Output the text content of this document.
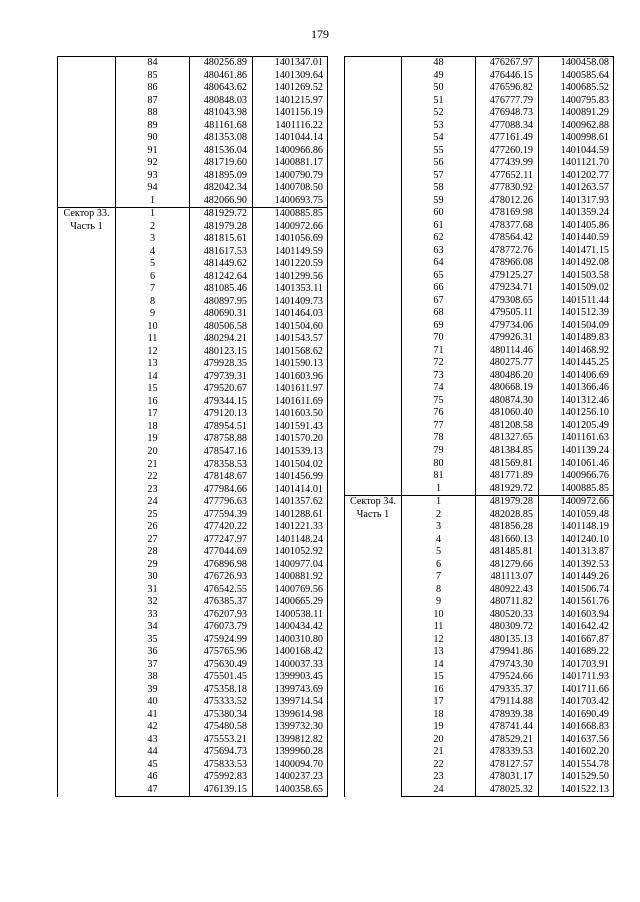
179
	84	480256.89	1401347.01
	85	480461.86	1401309.64
	86	480643.62	1401269.52
	87	480848.03	1401215.97
	88	481043.98	1401156.19
	89	481161.68	1401116.22
	90	481353.08	1401044.14
	91	481536.04	1400966.86
	92	481719.60	1400881.17
	93	481895.09	1400790.79
	94	482042.34	1400708.50
	1	482066.90	1400693.75

Сектор 33.
Часть 1	1	481929.72	1400885.85
	2	481979.28	1400972.66
	3	481815.61	1401056.69
	4	481617.53	1401149.59
	5	481449.62	1401220.59
	6	481242.64	1401299.56
	7	481085.46	1401353.11
	8	480897.95	1401409.73
	9	480690.31	1401464.03
	10	480506.58	1401504.60
	11	480294.21	1401543.57
	12	480123.15	1401568.62
	13	479928.35	1401590.13
	14	479739.31	1401603.96
	15	479520.67	1401611.97
	16	479344.15	1401611.69
	17	479120.13	1401603.50
	18	478954.51	1401591.43
	19	478758.88	1401570.20
	20	478547.16	1401539.13
	21	478358.53	1401504.02
	22	478148.67	1401456.99
	23	477984.66	1401414.01
	24	477796.63	1401357.62
	25	477594.39	1401288.61
	26	477420.22	1401221.33
	27	477247.97	1401148.24
	28	477044.69	1401052.92
	29	476896.98	1400977.04
	30	476726.93	1400881.92
	31	476542.55	1400769.56
	32	476385.37	1400665.29
	33	476207.93	1400538.11
	34	476073.79	1400434.42
	35	475924.99	1400310.80
	36	475765.96	1400168.42
	37	475630.49	1400037.33
	38	475501.45	1399903.45
	39	475358.18	1399743.69
	40	475333.52	1399714.54
	41	475380.34	1399614.98
	42	475480.58	1399732.30
	43	475553.21	1399812.82
	44	475694.73	1399960.28
	45	475833.53	1400094.70
	46	475992.83	1400237.23
	47	476139.15	1400358.65
	48	476267.97	1400458.08
	49	476446.15	1400585.64
	50	476596.82	1400685.52
	51	476777.79	1400795.83
	52	476948.73	1400891.29
	53	477088.34	1400962.88
	54	477161.49	1400998.61
	55	477260.19	1401044.59
	56	477439.99	1401121.70
	57	477652.11	1401202.77
	58	477830.92	1401263.57
	59	478012.26	1401317.93
	60	478169.98	1401359.24
	61	478377.68	1401405.86
	62	478564.42	1401440.59
	63	478772.76	1401471.15
	64	478966.08	1401492.08
	65	479125.27	1401503.58
	66	479234.71	1401509.02
	67	479308.65	1401511.44
	68	479505.11	1401512.39
	69	479734.06	1401504.09
	70	479926.31	1401489.83
	71	480114.46	1401468.92
	72	480275.77	1401445.25
	73	480486.20	1401406.69
	74	480668.19	1401366.46
	75	480874.30	1401312.46
	76	481060.40	1401256.10
	77	481208.58	1401205.49
	78	481327.65	1401161.63
	79	481384.85	1401139.24
	80	481569.81	1401061.46
	81	481771.89	1400966.76
	1	481929.72	1400885.85

Сектор 34.
Часть 1	1	481979.28	1400972.66
	2	482028.85	1401059.48
	3	481856.28	1401148.19
	4	481660.13	1401240.10
	5	481485.81	1401313.87
	6	481279.66	1401392.53
	7	481113.07	1401449.26
	8	480922.43	1401506.74
	9	480711.82	1401561.76
	10	480520.33	1401603.94
	11	480309.72	1401642.42
	12	480135.13	1401667.87
	13	479941.86	1401689.22
	14	479743.30	1401703.91
	15	479524.66	1401711.93
	16	479335.37	1401711.66
	17	479114.88	1401703.42
	18	478939.38	1401690.49
	19	478741.44	1401668.83
	20	478529.21	1401637.56
	21	478339.53	1401602.20
	22	478127.57	1401554.78
	23	478031.17	1401529.50
	24	478025.32	1401522.13
